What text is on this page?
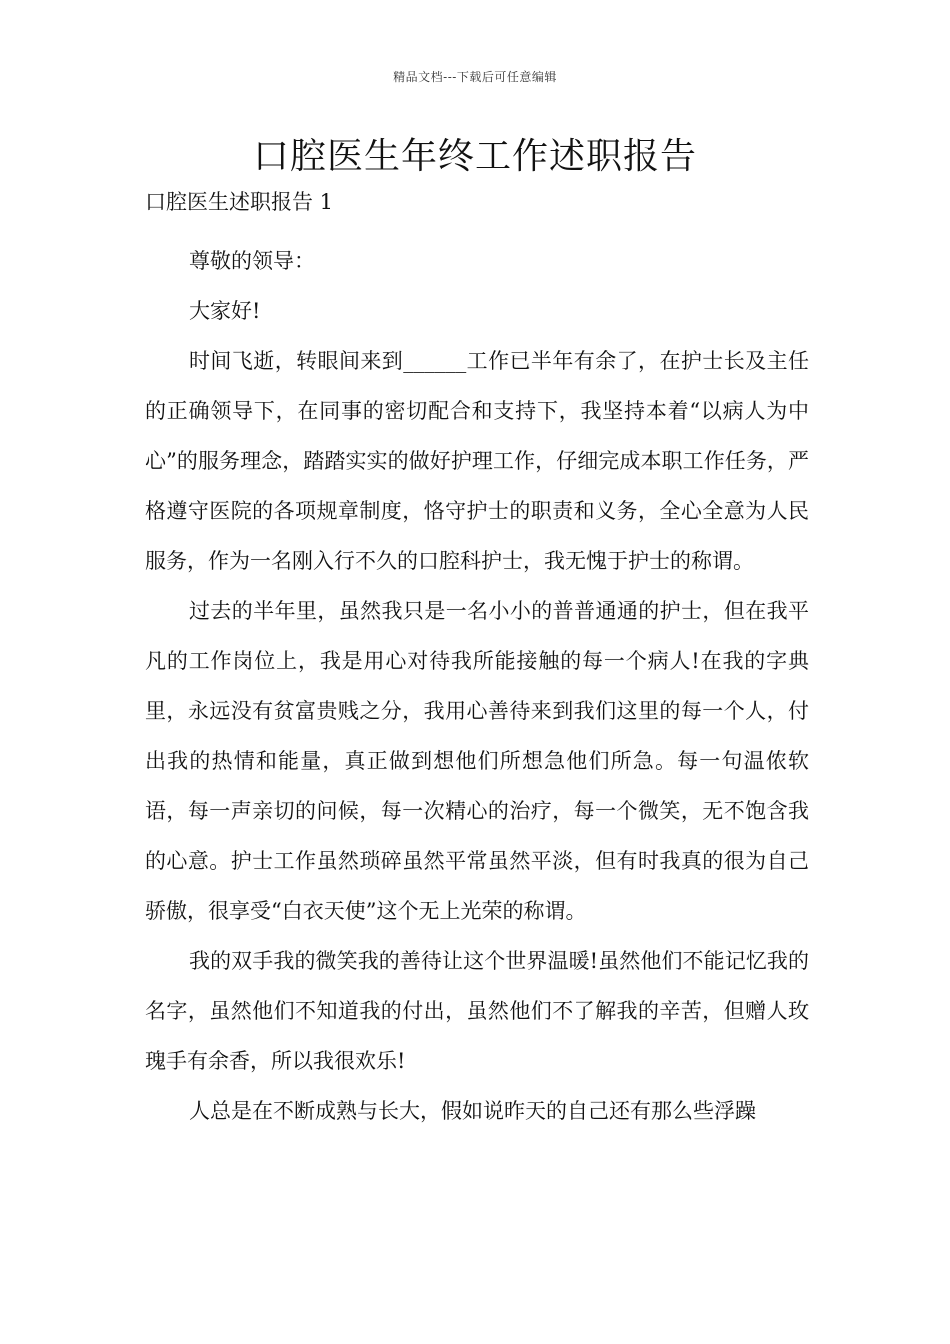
精品文档---下载后可任意编辑
口腔医生年终工作述职报告
口腔医生述职报告 1

尊敬的领导：

大家好!

时间飞逝，转眼间来到______工作已半年有余了，在护士长及主任的正确领导下，在同事的密切配合和支持下，我坚持本着“以病人为中心”的服务理念，踏踏实实的做好护理工作，仔细完成本职工作任务，严格遵守医院的各项规章制度，恪守护士的职责和义务，全心全意为人民服务，作为一名刚入行不久的口腔科护士，我无愧于护士的称谓。

过去的半年里，虽然我只是一名小小的普普通通的护士，但在我平凡的工作岗位上，我是用心对待我所能接触的每一个病人!在我的字典里，永远没有贫富贵贱之分，我用心善待来到我们这里的每一个人，付出我的热情和能量，真正做到想他们所想急他们所急。每一句温侬软语，每一声亲切的问候，每一次精心的治疗，每一个微笑，无不饱含我的心意。护士工作虽然琐碎虽然平常虽然平淡，但有时我真的很为自己骄傲，很享受“白衣天使”这个无上光荣的称谓。

我的双手我的微笑我的善待让这个世界温暖!虽然他们不能记忆我的名字，虽然他们不知道我的付出，虽然他们不了解我的辛苦，但赠人玫瑰手有余香，所以我很欢乐!

人总是在不断成熟与长大，假如说昨天的自己还有那么些浮躁
